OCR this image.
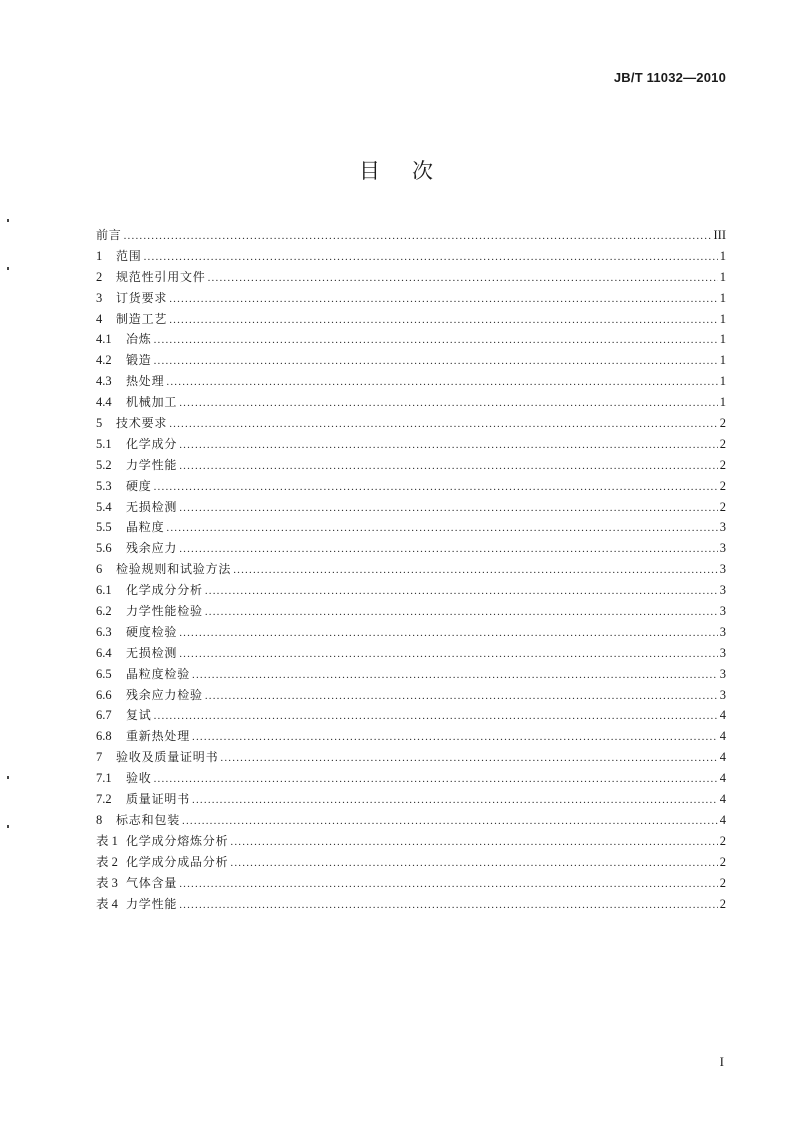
JB/T 11032—2010
目次
前言 .....	III
1	范围 .....	1
2	规范性引用文件 .....	1
3	订货要求 .....	1
4	制造工艺 .....	1
4.1	冶炼 .....	1
4.2	锻造 .....	1
4.3	热处理 .....	1
4.4	机械加工 .....	1
5	技术要求 .....	2
5.1	化学成分 .....	2
5.2	力学性能 .....	2
5.3	硬度 .....	2
5.4	无损检测 .....	2
5.5	晶粒度 .....	3
5.6	残余应力 .....	3
6	检验规则和试验方法 .....	3
6.1	化学成分分析 .....	3
6.2	力学性能检验 .....	3
6.3	硬度检验 .....	3
6.4	无损检测 .....	3
6.5	晶粒度检验 .....	3
6.6	残余应力检验 .....	3
6.7	复试 .....	4
6.8	重新热处理 .....	4
7	验收及质量证明书 .....	4
7.1	验收 .....	4
7.2	质量证明书 .....	4
8	标志和包装 .....	4
表 1 化学成分熔炼分析 .....	2
表 2 化学成分成品分析 .....	2
表 3 气体含量 .....	2
表 4 力学性能 .....	2
I
